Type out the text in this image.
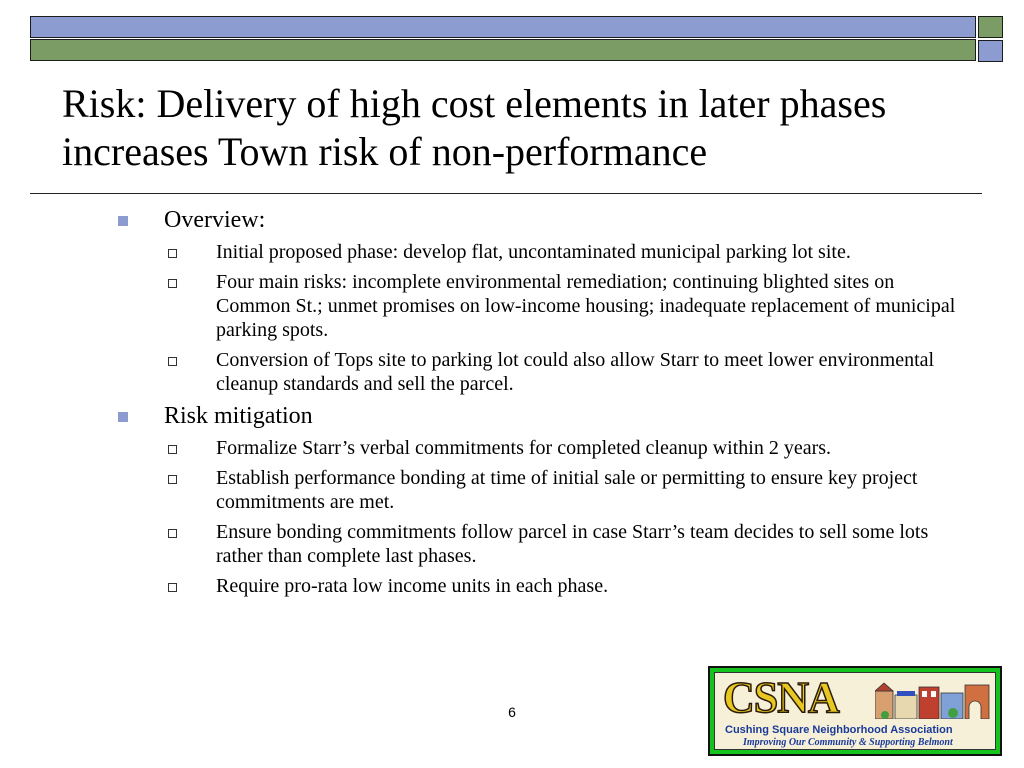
Risk: Delivery of high cost elements in later phases increases Town risk of non-performance
Overview:
Initial proposed phase: develop flat, uncontaminated municipal parking lot site.
Four main risks: incomplete environmental remediation; continuing blighted sites on Common St.; unmet promises on low-income housing; inadequate replacement of municipal parking spots.
Conversion of Tops site to parking lot could also allow Starr to meet lower environmental cleanup standards and sell the parcel.
Risk mitigation
Formalize Starr’s verbal commitments for completed cleanup within 2 years.
Establish performance bonding at time of initial sale or permitting to ensure key project commitments are met.
Ensure bonding commitments follow parcel in case Starr’s team decides to sell some lots rather than complete last phases.
Require pro-rata low income units in each phase.
6	CSNA
Cushing Square Neighborhood Association
Improving Our Community & Supporting Belmont
